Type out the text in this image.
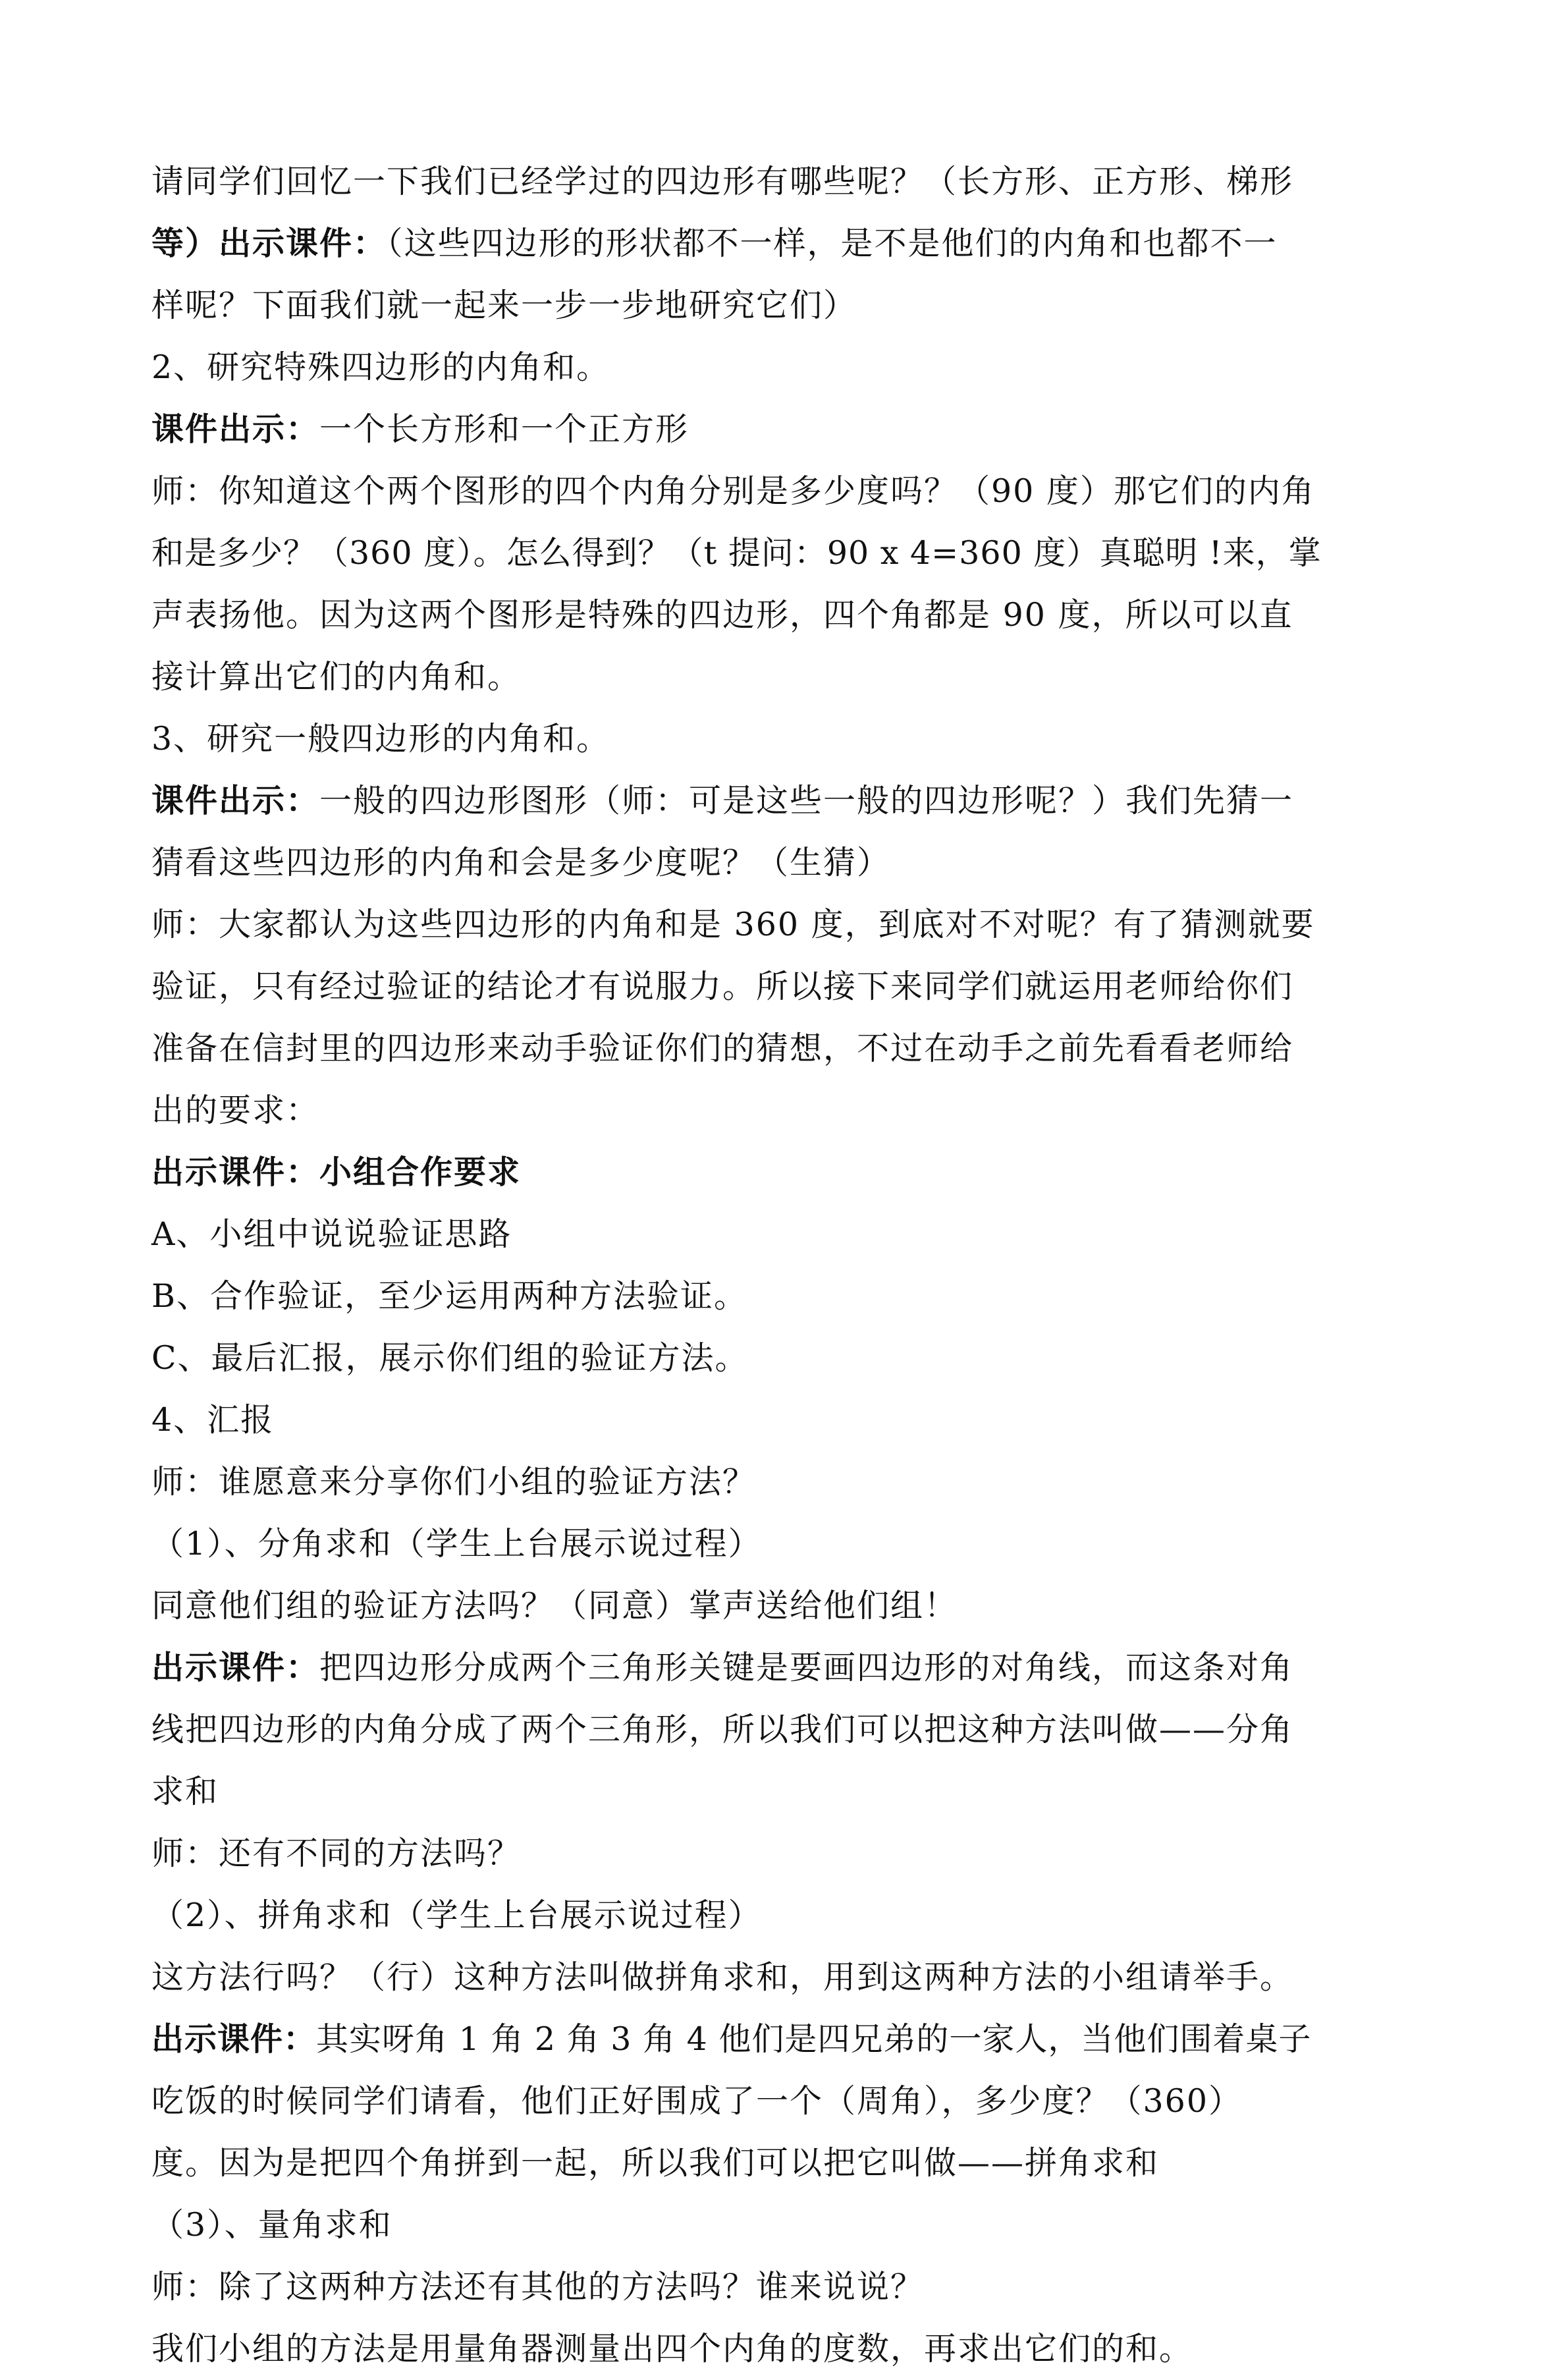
请同学们回忆一下我们已经学过的四边形有哪些呢？（长方形、正方形、梯形
等）出示课件：（这些四边形的形状都不一样，是不是他们的内角和也都不一
样呢？下面我们就一起来一步一步地研究它们）
2、研究特殊四边形的内角和。
课件出示：一个长方形和一个正方形
师：你知道这个两个图形的四个内角分别是多少度吗？（90 度）那它们的内角
和是多少？（360 度）。怎么得到？（t 提问：90 x 4=360 度）真聪明 !来，掌
声表扬他。因为这两个图形是特殊的四边形，四个角都是 90 度，所以可以直
接计算出它们的内角和。
3、研究一般四边形的内角和。
课件出示：一般的四边形图形（师：可是这些一般的四边形呢？）我们先猜一
猜看这些四边形的内角和会是多少度呢？（生猜）
师：大家都认为这些四边形的内角和是 360 度，到底对不对呢？有了猜测就要
验证，只有经过验证的结论才有说服力。所以接下来同学们就运用老师给你们
准备在信封里的四边形来动手验证你们的猜想，不过在动手之前先看看老师给
出的要求：
出示课件：小组合作要求
A、小组中说说验证思路
B、合作验证，至少运用两种方法验证。
C、最后汇报，展示你们组的验证方法。
4、汇报
师：谁愿意来分享你们小组的验证方法？
（1）、分角求和（学生上台展示说过程）
同意他们组的验证方法吗？（同意）掌声送给他们组！
出示课件：把四边形分成两个三角形关键是要画四边形的对角线，而这条对角
线把四边形的内角分成了两个三角形，所以我们可以把这种方法叫做——分角
求和
师：还有不同的方法吗？
（2）、拼角求和（学生上台展示说过程）
这方法行吗？（行）这种方法叫做拼角求和，用到这两种方法的小组请举手。
出示课件：其实呀角 1 角 2 角 3 角 4 他们是四兄弟的一家人，当他们围着桌子
吃饭的时候同学们请看，他们正好围成了一个（周角），多少度？（360）
度。因为是把四个角拼到一起，所以我们可以把它叫做——拼角求和
（3）、量角求和
师：除了这两种方法还有其他的方法吗？谁来说说？
我们小组的方法是用量角器测量出四个内角的度数，再求出它们的和。
